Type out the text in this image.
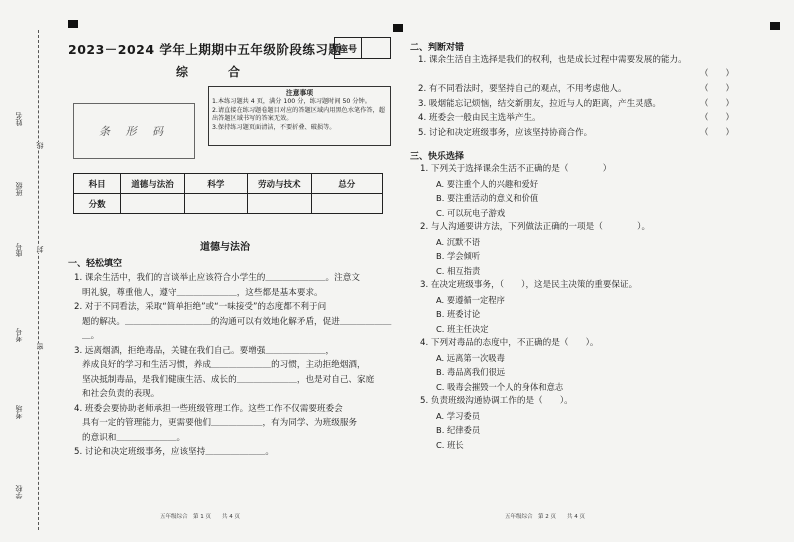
姓名
班级
座号
考号
考场
学校
线
封
密
2023－2024 学年上期期中五年级阶段练习题
座号
综　合
条 形 码
注意事项
1.本练习题共 4 页，满分 100 分，练习题时间 50 分钟。
2.请直接在练习题卷题目对应的答题区域内用黑色水笔作答，超出答题区域书写的答案无效。
3.保持练习题页面清洁，不要折叠、破损等。
科目	道德与法治	科学	劳动与技术	总分
分数				
道德与法治
一、轻松填空
1. 课余生活中，我们的言谈举止应该符合小学生的＿＿＿＿＿＿＿。注意文
明礼貌，尊重他人，遵守＿＿＿＿＿＿＿，这些都是基本要求。
2. 对于不同看法，采取“简单拒绝”或“一味接受”的态度都不利于问
题的解决。＿＿＿＿＿＿＿＿＿＿的沟通可以有效地化解矛盾，促进＿＿＿＿＿＿＿。
3. 远离烟酒，拒绝毒品，关键在我们自己。要增强＿＿＿＿＿＿＿，
养成良好的学习和生活习惯，养成＿＿＿＿＿＿＿的习惯，主动拒绝烟酒，
坚决抵制毒品，是我们健康生活、成长的＿＿＿＿＿＿＿，也是对自己、家庭
和社会负责的表现。
4. 班委会要协助老师承担一些班级管理工作。这些工作不仅需要班委会
具有一定的管理能力，更需要他们＿＿＿＿＿＿，有为同学、为班级服务
的意识和＿＿＿＿＿＿＿。
5. 讨论和决定班级事务，应该坚持＿＿＿＿＿＿＿。
五年级综合　第 1 页　　共 4 页
二、判断对错
1. 课余生活自主选择是我们的权利，也是成长过程中需要发展的能力。
2. 有不同看法时，要坚持自己的观点，不用考虑他人。
3. 吸烟能忘记烦恼，结交新朋友，拉近与人的距离，产生灵感。
4. 班委会一般由民主选举产生。
5. 讨论和决定班级事务，应该坚持协商合作。
（　　）
（　　）
（　　）
（　　）
（　　）
三、快乐选择
1. 下列关于选择课余生活不正确的是（　　　　）
A. 要注重个人的兴趣和爱好
B. 要注重活动的意义和价值
C. 可以玩电子游戏
2. 与人沟通要讲方法，下列做法正确的一项是（　　　　）。
A. 沉默不语
B. 学会倾听
C. 相互指责
3. 在决定班级事务，（　　），这是民主决策的重要保证。
A. 要遵循一定程序
B. 班委讨论
C. 班主任决定
4. 下列对毒品的态度中，不正确的是（　　）。
A. 远离第一次吸毒
B. 毒品离我们很远
C. 吸毒会摧毁一个人的身体和意志
5. 负责班级沟通协调工作的是（　　）。
A. 学习委员
B. 纪律委员
C. 班长
五年级综合　第 2 页　　共 4 页
